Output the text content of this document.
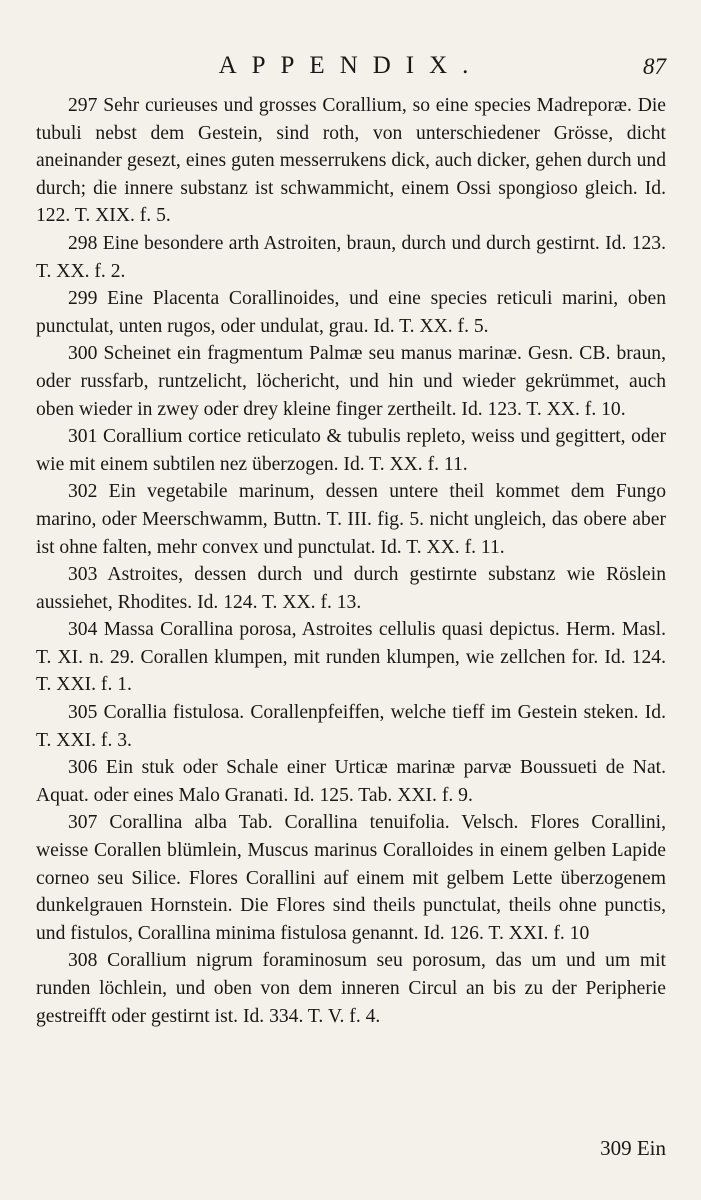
APPENDIX.	87

297 Sehr curieuses und grosses Corallium, so eine species Madreporæ. Die tubuli nebst dem Gestein, sind roth, von unterschiedener Grösse, dicht aneinander gesezt, eines guten messerrukens dick, auch dicker, gehen durch und durch; die innere substanz ist schwammicht, einem Ossi spongioso gleich. Id. 122. T. XIX. f. 5.

298 Eine besondere arth Astroiten, braun, durch und durch gestirnt. Id. 123. T. XX. f. 2.

299 Eine Placenta Corallinoides, und eine species reticuli marini, oben punctulat, unten rugos, oder undulat, grau. Id. T. XX. f. 5.

300 Scheinet ein fragmentum Palmæ seu manus marinæ. Gesn. CB. braun, oder russfarb, runtzelicht, löchericht, und hin und wieder gekrümmet, auch oben wieder in zwey oder drey kleine finger zertheilt. Id. 123. T. XX. f. 10.

301 Corallium cortice reticulato & tubulis repleto, weiss und gegittert, oder wie mit einem subtilen nez überzogen. Id. T. XX. f. 11.

302 Ein vegetabile marinum, dessen untere theil kommet dem Fungo marino, oder Meerschwamm, Buttn. T. III. fig. 5. nicht ungleich, das obere aber ist ohne falten, mehr convex und punctulat. Id. T. XX. f. 11.

303 Astroites, dessen durch und durch gestirnte substanz wie Röslein aussiehet, Rhodites. Id. 124. T. XX. f. 13.

304 Massa Corallina porosa, Astroites cellulis quasi depictus. Herm. Masl. T. XI. n. 29. Corallen klumpen, mit runden klumpen, wie zellchen for. Id. 124. T. XXI. f. 1.

305 Corallia fistulosa. Corallenpfeiffen, welche tieff im Gestein steken. Id. T. XXI. f. 3.

306 Ein stuk oder Schale einer Urticæ marinæ parvæ Boussueti de Nat. Aquat. oder eines Malo Granati. Id. 125. Tab. XXI. f. 9.

307 Corallina alba Tab. Corallina tenuifolia. Velsch. Flores Corallini, weisse Corallen blümlein, Muscus marinus Coralloides in einem gelben Lapide corneo seu Silice. Flores Corallini auf einem mit gelbem Lette überzogenem dunkelgrauen Hornstein. Die Flores sind theils punctulat, theils ohne punctis, und fistulos, Corallina minima fistulosa genannt. Id. 126. T. XXI. f. 10

308 Corallium nigrum foraminosum seu porosum, das um und um mit runden löchlein, und oben von dem inneren Circul an bis zu der Peripherie gestreifft oder gestirnt ist. Id. 334. T. V. f. 4.

309 Ein
